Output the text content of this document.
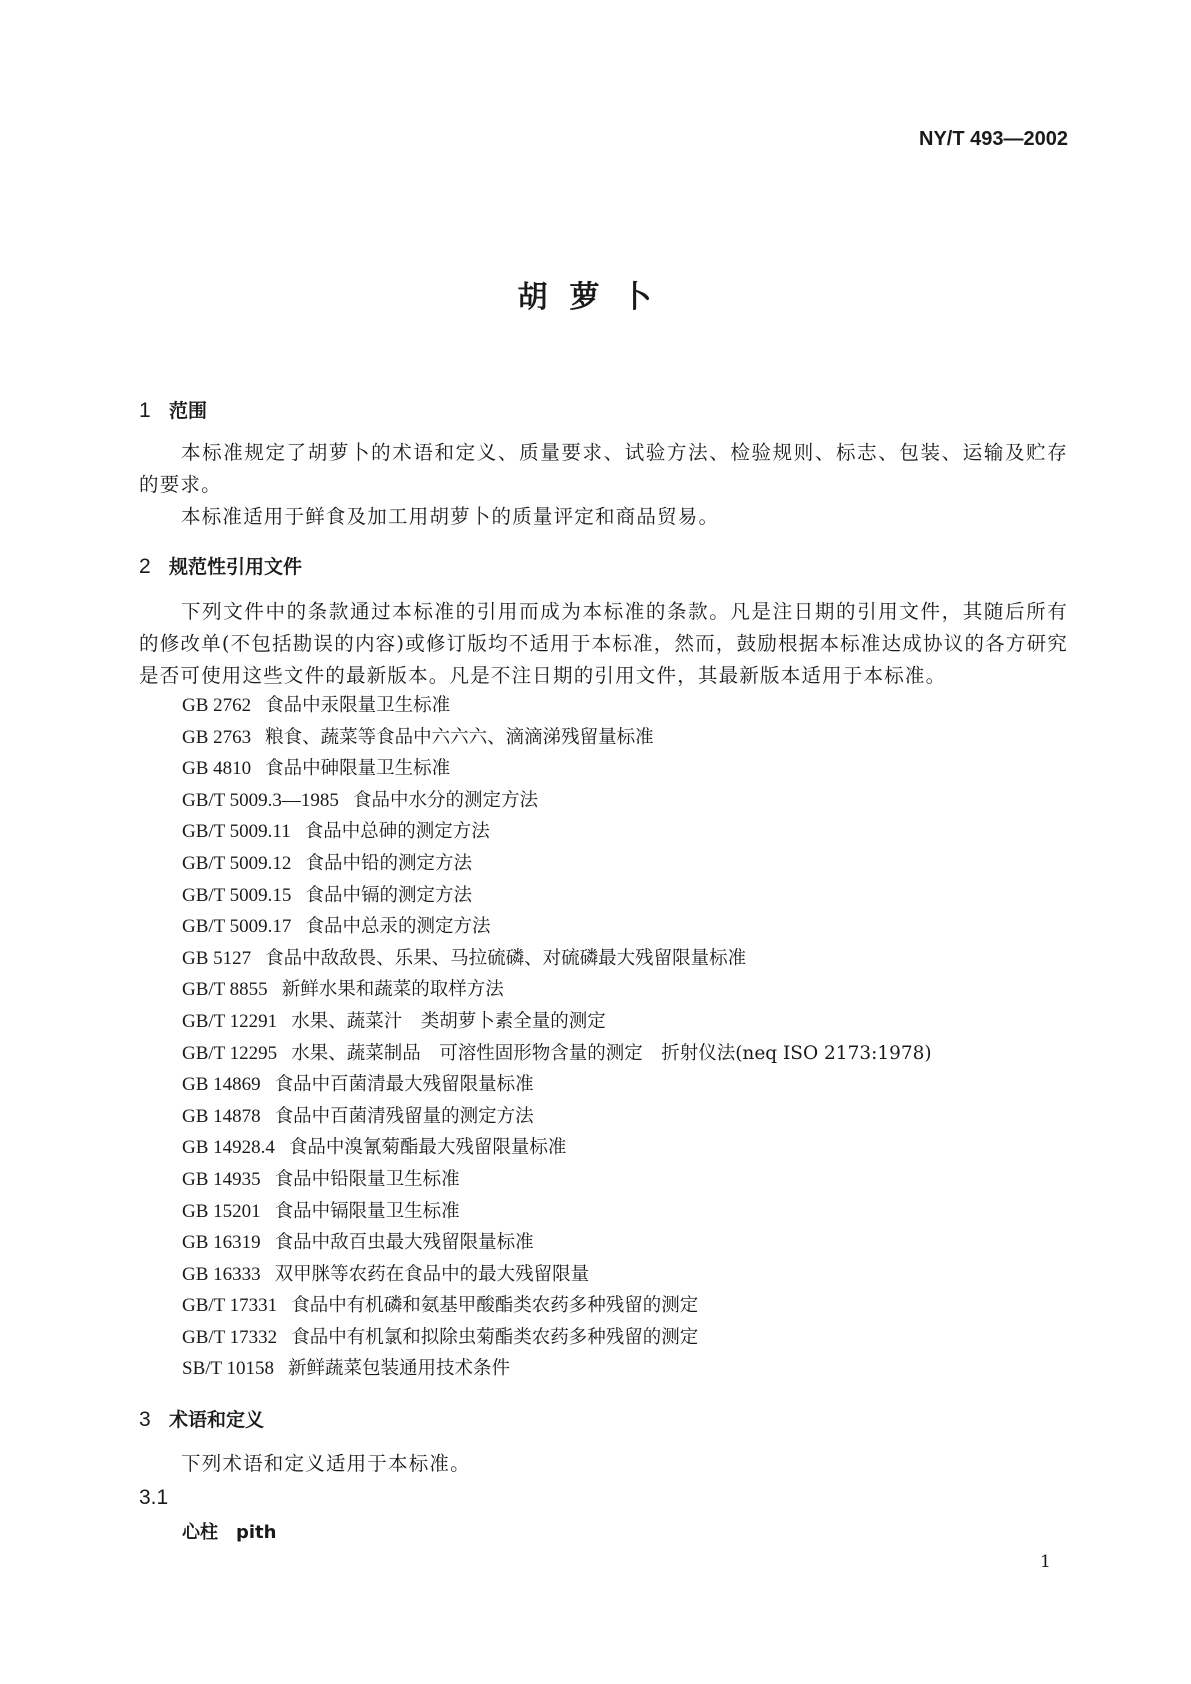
NY/T 493—2002
胡萝卜
1 范围

本标准规定了胡萝卜的术语和定义、质量要求、试验方法、检验规则、标志、包装、运输及贮存的要求。

本标准适用于鲜食及加工用胡萝卜的质量评定和商品贸易。

2 规范性引用文件

下列文件中的条款通过本标准的引用而成为本标准的条款。凡是注日期的引用文件，其随后所有的修改单(不包括勘误的内容)或修订版均不适用于本标准，然而，鼓励根据本标准达成协议的各方研究是否可使用这些文件的最新版本。凡是不注日期的引用文件，其最新版本适用于本标准。

GB 2762 食品中汞限量卫生标准
GB 2763 粮食、蔬菜等食品中六六六、滴滴涕残留量标准
GB 4810 食品中砷限量卫生标准
GB/T 5009.3—1985 食品中水分的测定方法
GB/T 5009.11 食品中总砷的测定方法
GB/T 5009.12 食品中铅的测定方法
GB/T 5009.15 食品中镉的测定方法
GB/T 5009.17 食品中总汞的测定方法
GB 5127 食品中敌敌畏、乐果、马拉硫磷、对硫磷最大残留限量标准
GB/T 8855 新鲜水果和蔬菜的取样方法
GB/T 12291 水果、蔬菜汁　类胡萝卜素全量的测定
GB/T 12295 水果、蔬菜制品　可溶性固形物含量的测定　折射仪法(neq ISO 2173:1978)
GB 14869 食品中百菌清最大残留限量标准
GB 14878 食品中百菌清残留量的测定方法
GB 14928.4 食品中溴氰菊酯最大残留限量标准
GB 14935 食品中铅限量卫生标准
GB 15201 食品中镉限量卫生标准
GB 16319 食品中敌百虫最大残留限量标准
GB 16333 双甲脒等农药在食品中的最大残留限量
GB/T 17331 食品中有机磷和氨基甲酸酯类农药多种残留的测定
GB/T 17332 食品中有机氯和拟除虫菊酯类农药多种残留的测定
SB/T 10158 新鲜蔬菜包装通用技术条件
3 术语和定义

下列术语和定义适用于本标准。

3.1
心柱　pith
1
